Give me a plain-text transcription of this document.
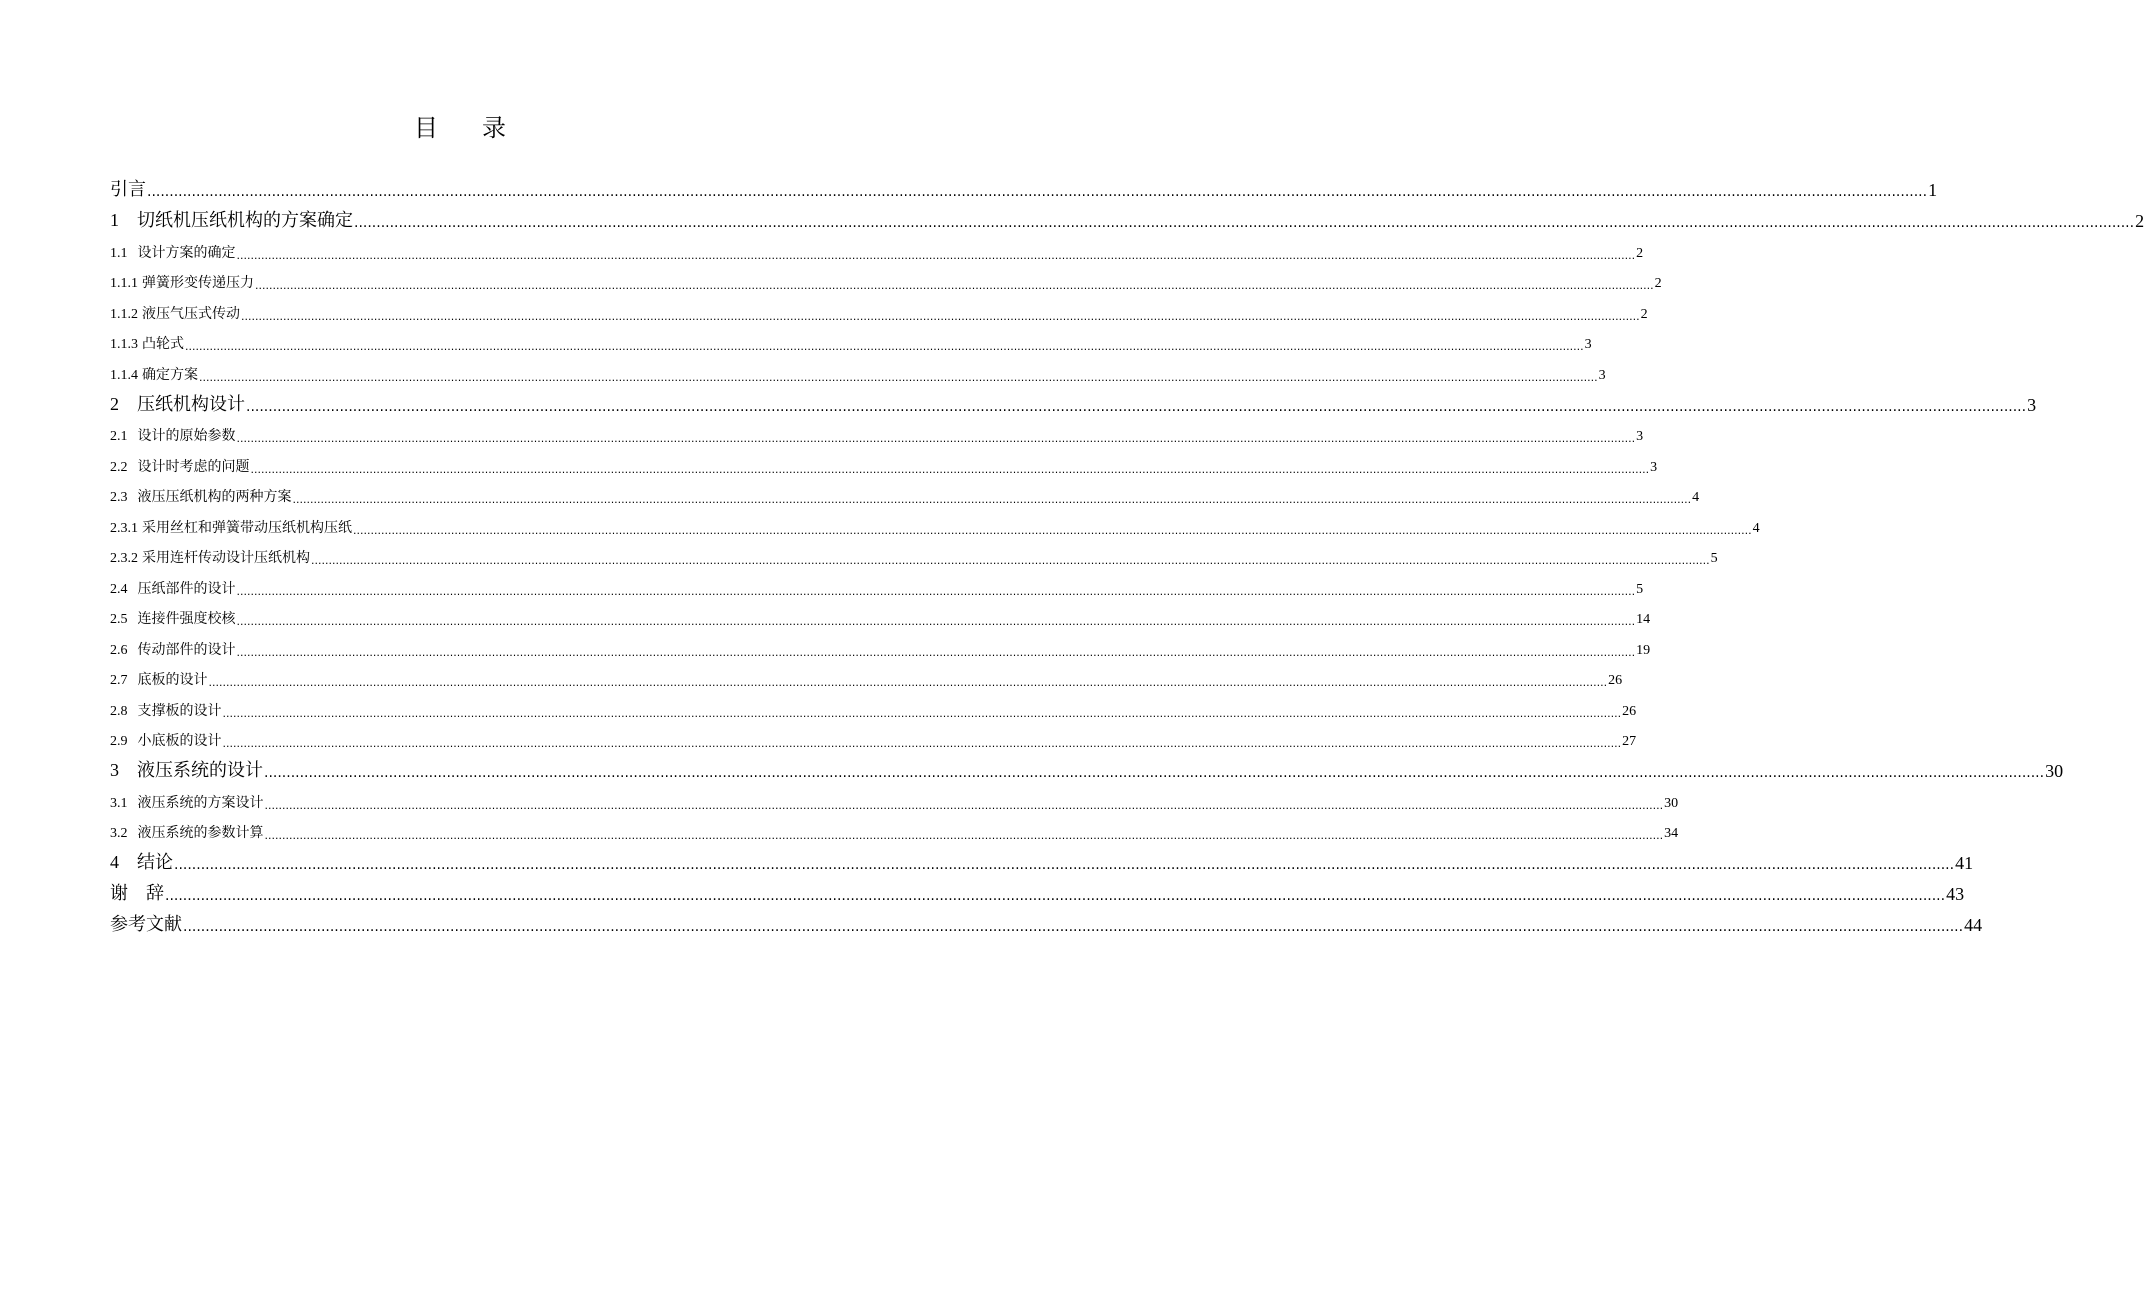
目 录
引言 ................................................................................................................................................................................................................................................................................................................................................................................................................ 1
1 切纸机压纸机构的方案确定 ................................................................................................................................................................................................................................................................................................................................................................................................................ 2
1.1 设计方案的确定 ................................................................................................................................................................................................................................................................................................................................................................................................................ 2
1.1.1 弹簧形变传递压力 ................................................................................................................................................................................................................................................................................................................................................................................................................ 2
1.1.2 液压气压式传动 ................................................................................................................................................................................................................................................................................................................................................................................................................ 2
1.1.3 凸轮式 ................................................................................................................................................................................................................................................................................................................................................................................................................ 3
1.1.4 确定方案 ................................................................................................................................................................................................................................................................................................................................................................................................................ 3
2 压纸机构设计 ................................................................................................................................................................................................................................................................................................................................................................................................................ 3
2.1 设计的原始参数 ................................................................................................................................................................................................................................................................................................................................................................................................................ 3
2.2 设计时考虑的问题 ................................................................................................................................................................................................................................................................................................................................................................................................................ 3
2.3 液压压纸机构的两种方案 ................................................................................................................................................................................................................................................................................................................................................................................................................ 4
2.3.1 采用丝杠和弹簧带动压纸机构压纸 ................................................................................................................................................................................................................................................................................................................................................................................................................ 4
2.3.2 采用连杆传动设计压纸机构 ................................................................................................................................................................................................................................................................................................................................................................................................................ 5
2.4 压纸部件的设计 ................................................................................................................................................................................................................................................................................................................................................................................................................ 5
2.5 连接件强度校核 ................................................................................................................................................................................................................................................................................................................................................................................................................ 14
2.6 传动部件的设计 ................................................................................................................................................................................................................................................................................................................................................................................................................ 19
2.7 底板的设计 ................................................................................................................................................................................................................................................................................................................................................................................................................ 26
2.8 支撑板的设计 ................................................................................................................................................................................................................................................................................................................................................................................................................ 26
2.9 小底板的设计 ................................................................................................................................................................................................................................................................................................................................................................................................................ 27
3 液压系统的设计 ................................................................................................................................................................................................................................................................................................................................................................................................................ 30
3.1 液压系统的方案设计 ................................................................................................................................................................................................................................................................................................................................................................................................................ 30
3.2 液压系统的参数计算 ................................................................................................................................................................................................................................................................................................................................................................................................................ 34
4 结论 ................................................................................................................................................................................................................................................................................................................................................................................................................ 41
谢　辞 ................................................................................................................................................................................................................................................................................................................................................................................................................ 43
参考文献 ................................................................................................................................................................................................................................................................................................................................................................................................................ 44
